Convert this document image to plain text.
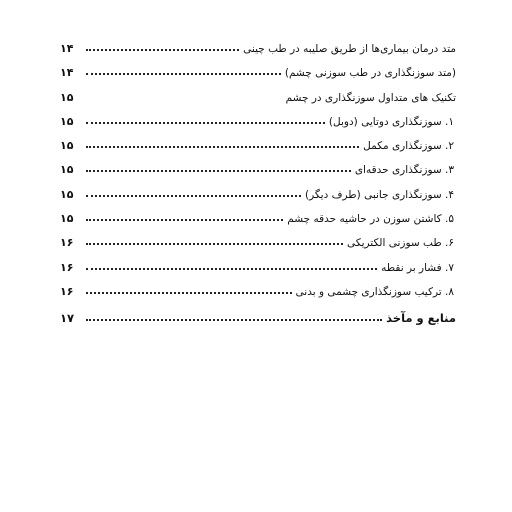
متد درمان بیماری‌ها از طریق صلیبه در طب چینی
۱۴
(متد سوزنگذاری در طب سوزنی چشم)
۱۴
تکنیک های متداول سوزنگذاری در چشم
۱۵
۱. سوزنگذاری دوتایی (دوبل)
۱۵
۲. سوزنگذاری مکمل
۱۵
۳. سوزنگذاری حدقه‌ای
۱۵
۴. سوزنگذاری جانبی (طرف دیگر)
۱۵
۵. کاشتن سوزن در حاشیه حدقه چشم
۱۵
۶. طب سوزنی الکتریکی
۱۶
۷. فشار بر نقطه
۱۶
۸. ترکیب سوزنگذاری چشمی و بدنی
۱۶
منابع و مآخذ
۱۷
